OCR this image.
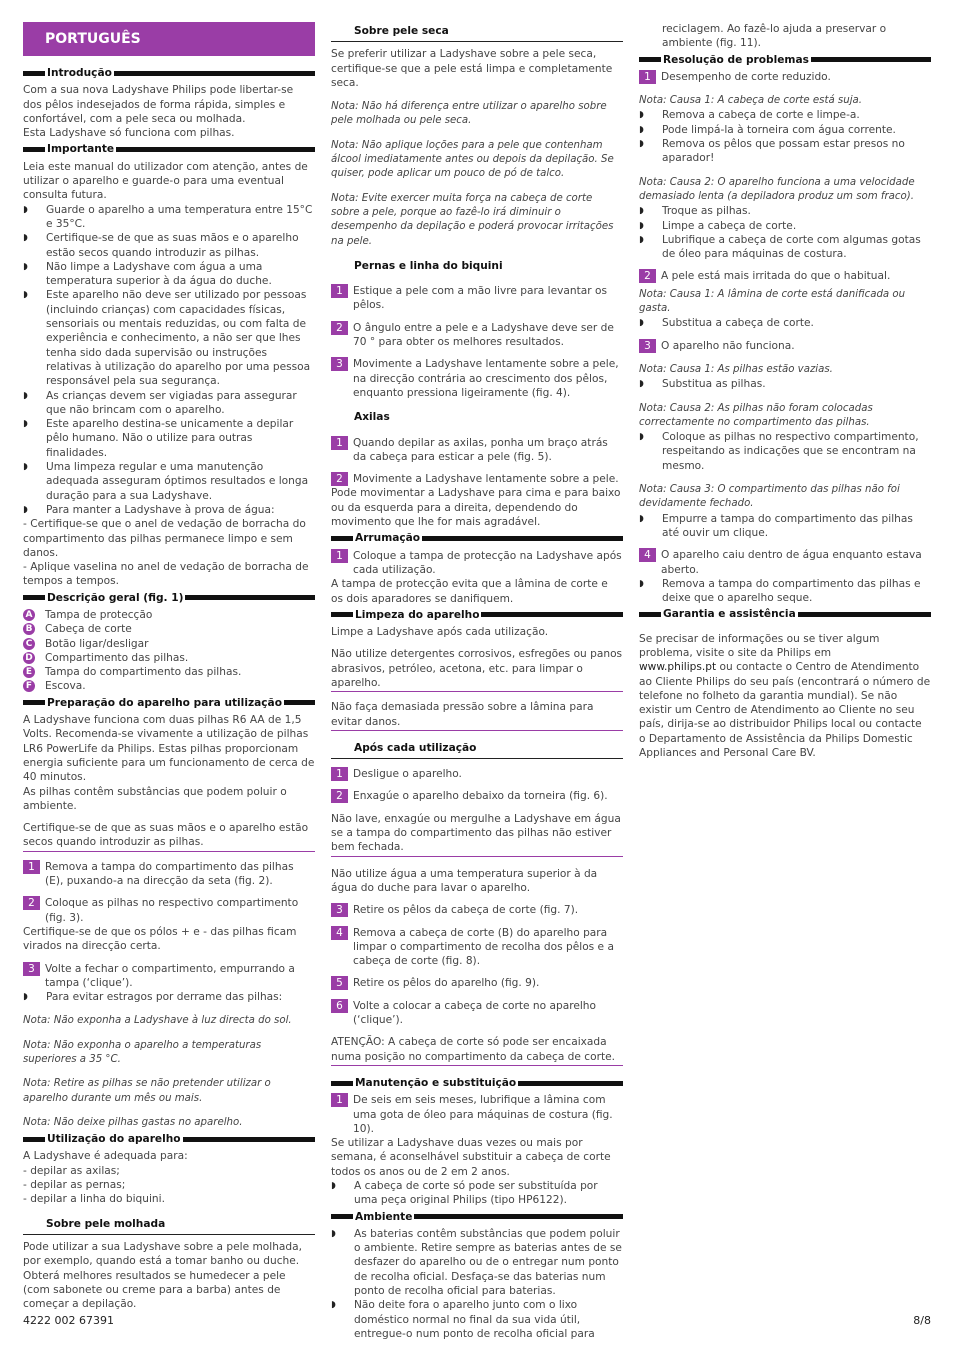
PORTUGUÊS
Introdução

Com a sua nova Ladyshave Philips pode libertar-se dos pêlos indesejados de forma rápida, simples e confortável, com a pele seca ou molhada.

Esta Ladyshave só funciona com pilhas.

Importante

Leia este manual do utilizador com atenção, antes de utilizar o aparelho e guarde-o para uma eventual consulta futura.

◗ Guarde o aparelho a uma temperatura entre 15°C e 35°C.
◗ Certifique-se de que as suas mãos e o aparelho estão secos quando introduzir as pilhas.
◗ Não limpe a Ladyshave com água a uma temperatura superior à da água do duche.
◗ Este aparelho não deve ser utilizado por pessoas (incluindo crianças) com capacidades físicas, sensoriais ou mentais reduzidas, ou com falta de experiência e conhecimento, a não ser que lhes tenha sido dada supervisão ou instruções relativas à utilização do aparelho por uma pessoa responsável pela sua segurança.
◗ As crianças devem ser vigiadas para assegurar que não brincam com o aparelho.
◗ Este aparelho destina-se unicamente a depilar pêlo humano. Não o utilize para outras finalidades.
◗ Uma limpeza regular e uma manutenção adequada asseguram óptimos resultados e longa duração para a sua Ladyshave.
◗ Para manter a Ladyshave à prova de água:

- Certifique-se que o anel de vedação de borracha do compartimento das pilhas permanece limpo e sem danos.

- Aplique vaselina no anel de vedação de borracha de tempos a tempos.

Descrição geral (fig. 1)
A Tampa de protecção
B Cabeça de corte
C Botão ligar/desligar
D Compartimento das pilhas.
E Tampa do compartimento das pilhas.
F Escova.
Preparação do aparelho para utilização

A Ladyshave funciona com duas pilhas R6 AA de 1,5 Volts. Recomenda-se vivamente a utilização de pilhas LR6 PowerLife da Philips. Estas pilhas proporcionam energia suficiente para um funcionamento de cerca de 40 minutos.

As pilhas contêm substâncias que podem poluir o ambiente.

Certifique-se de que as suas mãos e o aparelho estão secos quando introduzir as pilhas.

1 Remova a tampa do compartimento das pilhas (E), puxando-a na direcção da seta (fig. 2).
2 Coloque as pilhas no respectivo compartimento (fig. 3).

Certifique-se de que os pólos + e - das pilhas ficam virados na direcção certa.

3 Volte a fechar o compartimento, empurrando a tampa (‘clique’).
◗ Para evitar estragos por derrame das pilhas:

Nota: Não exponha a Ladyshave à luz directa do sol.

Nota: Não exponha o aparelho a temperaturas superiores a 35 °C.

Nota: Retire as pilhas se não pretender utilizar o aparelho durante um mês ou mais.

Nota: Não deixe pilhas gastas no aparelho.

Utilização do aparelho

A Ladyshave é adequada para:

- depilar as axilas;

- depilar as pernas;

- depilar a linha do biquini.

Sobre pele molhada

Pode utilizar a sua Ladyshave sobre a pele molhada, por exemplo, quando está a tomar banho ou duche.

Obterá melhores resultados se humedecer a pele (com sabonete ou creme para a barba) antes de começar a depilação.

Sobre pele seca

Se preferir utilizar a Ladyshave sobre a pele seca, certifique-se que a pele está limpa e completamente seca.

Nota: Não há diferença entre utilizar o aparelho sobre pele molhada ou pele seca.

Nota: Não aplique loções para a pele que contenham álcool imediatamente antes ou depois da depilação. Se quiser, pode aplicar um pouco de pó de talco.

Nota: Evite exercer muita força na cabeça de corte sobre a pele, porque ao fazê-lo irá diminuir o desempenho da depilação e poderá provocar irritações na pele.

Pernas e linha do biquini
1 Estique a pele com a mão livre para levantar os pêlos.
2 O ângulo entre a pele e a Ladyshave deve ser de 70 ° para obter os melhores resultados.
3 Movimente a Ladyshave lentamente sobre a pele, na direcção contrária ao crescimento dos pêlos, enquanto pressiona ligeiramente (fig. 4).
Axilas
1 Quando depilar as axilas, ponha um braço atrás da cabeça para esticar a pele (fig. 5).
2 Movimente a Ladyshave lentamente sobre a pele.

Pode movimentar a Ladyshave para cima e para baixo ou da esquerda para a direita, dependendo do movimento que lhe for mais agradável.

Arrumação
1 Coloque a tampa de protecção na Ladyshave após cada utilização.

A tampa de protecção evita que a lâmina de corte e os dois aparadores se danifiquem.

Limpeza do aparelho

Limpe a Ladyshave após cada utilização.

Não utilize detergentes corrosivos, esfregões ou panos abrasivos, petróleo, acetona, etc. para limpar o aparelho.

Não faça demasiada pressão sobre a lâmina para evitar danos.

Após cada utilização
1 Desligue o aparelho.
2 Enxagúe o aparelho debaixo da torneira (fig. 6).

Não lave, enxagúe ou mergulhe a Ladyshave em água se a tampa do compartimento das pilhas não estiver bem fechada.

Não utilize água a uma temperatura superior à da água do duche para lavar o aparelho.

3 Retire os pêlos da cabeça de corte (fig. 7).
4 Remova a cabeça de corte (B) do aparelho para limpar o compartimento de recolha dos pêlos e a cabeça de corte (fig. 8).
5 Retire os pêlos do aparelho (fig. 9).
6 Volte a colocar a cabeça de corte no aparelho (‘clique’).

ATENÇÃO: A cabeça de corte só pode ser encaixada numa posição no compartimento da cabeça de corte.

Manutenção e substituição
1 De seis em seis meses, lubrifique a lâmina com uma gota de óleo para máquinas de costura (fig. 10).

Se utilizar a Ladyshave duas vezes ou mais por semana, é aconselhável substituir a cabeça de corte todos os anos ou de 2 em 2 anos.

◗ A cabeça de corte só pode ser substituída por uma peça original Philips (tipo HP6122).
Ambiente
◗ As baterias contêm substâncias que podem poluir o ambiente. Retire sempre as baterias antes de se desfazer do aparelho ou de o entregar num ponto de recolha oficial. Desfaça-se das baterias num ponto de recolha oficial para baterias.
◗ Não deite fora o aparelho junto com o lixo doméstico normal no final da sua vida útil, entregue-o num ponto de recolha oficial para

reciclagem. Ao fazê-lo ajuda a preservar o ambiente (fig. 11).

Resolução de problemas
1 Desempenho de corte reduzido.

Nota: Causa 1: A cabeça de corte está suja.

◗ Remova a cabeça de corte e limpe-a.
◗ Pode limpá-la à torneira com água corrente.
◗ Remova os pêlos que possam estar presos no aparador!

Nota: Causa 2: O aparelho funciona a uma velocidade demasiado lenta (a depiladora produz um som fraco).

◗ Troque as pilhas.
◗ Limpe a cabeça de corte.
◗ Lubrifique a cabeça de corte com algumas gotas de óleo para máquinas de costura.
2 A pele está mais irritada do que o habitual.

Nota: Causa 1: A lâmina de corte está danificada ou gasta.

◗ Substitua a cabeça de corte.
3 O aparelho não funciona.

Nota: Causa 1: As pilhas estão vazias.

◗ Substitua as pilhas.

Nota: Causa 2: As pilhas não foram colocadas correctamente no compartimento das pilhas.

◗ Coloque as pilhas no respectivo compartimento, respeitando as indicações que se encontram na mesmo.

Nota: Causa 3: O compartimento das pilhas não foi devidamente fechado.

◗ Empurre a tampa do compartimento das pilhas até ouvir um clique.
4 O aparelho caiu dentro de água enquanto estava aberto.
◗ Remova a tampa do compartimento das pilhas e deixe que o aparelho seque.
Garantia e assistência

Se precisar de informações ou se tiver algum problema, visite o site da Philips em

www.philips.pt ou contacte o Centro de Atendimento ao Cliente Philips do seu país (encontrará o número de telefone no folheto da garantia mundial). Se não existir um Centro de Atendimento ao Cliente no seu país, dirija-se ao distribuidor Philips local ou contacte o Departamento de Assistência da Philips Domestic Appliances and Personal Care BV.

4222 002 67391	8/8
